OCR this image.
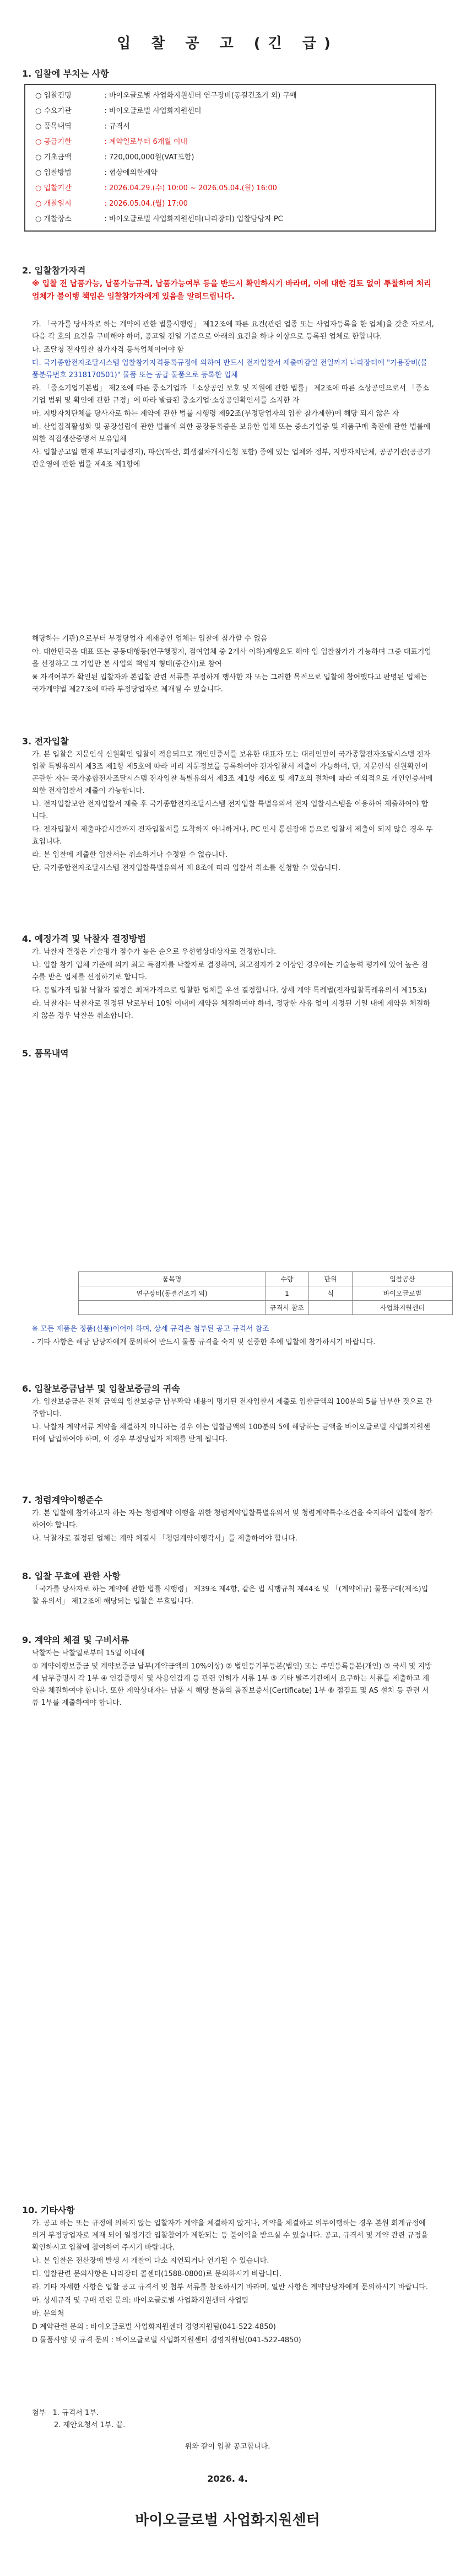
입 찰 공 고 (긴 급)
1. 입찰에 부치는 사항
○ 입찰건명	: 바이오글로벌 사업화지원센터 연구장비(동결건조기 외) 구매
○ 수요기관	: 바이오글로벌 사업화지원센터
○ 품목내역	: 규격서
○ 공급기한	: 계약일로부터 6개월 이내
○ 기초금액	: 720,000,000원(VAT포함)
○ 입찰방법	: 협상에의한계약
○ 입찰기간	: 2026.04.29.(수) 10:00 ~ 2026.05.04.(월) 16:00
○ 개찰일시	: 2026.05.04.(월) 17:00
○ 개찰장소	: 바이오글로벌 사업화지원센터(나라장터) 입찰담당자 PC
2. 입찰참가자격
※ 입찰 전 납품가능, 납품가능규격, 납품가능여부 등을 반드시 확인하시기 바라며, 이에 대한 검토 없이 투찰하여 처리업체가 불이행 책임은 입찰참가자에게 있음을 알려드립니다.

가. 「국가를 당사자로 하는 계약에 관한 법률시행령」 제12조에 따른 요건(관련 업종 또는 사업자등록을 한 업체)을 갖춘 자로서, 다음 각 호의 요건을 구비해야 하며, 공고일 전일 기준으로 아래의 요건을 하나 이상으로 등록된 업체로 한합니다.

나. 조달청 전자입찰 참가자격 등록업체이어야 함

다. 국가종합전자조달시스템 입찰참가자격등록규정에 의하여 반드시 전자입찰서 제출마감일 전일까지 나라장터에 "기용장비(물품분류번호 2318170501)" 물품 또는 공급 물품으로 등록한 업체

라. 「중소기업기본법」 제2조에 따른 중소기업과 「소상공인 보호 및 지원에 관한 법률」 제2조에 따른 소상공인으로서 「중소기업 범위 및 확인에 관한 규정」에 따라 발급된 중소기업·소상공인확인서를 소지한 자

마. 지방자치단체를 당사자로 하는 계약에 관한 법률 시행령 제92조(부정당업자의 입찰 참가제한)에 해당 되지 않은 자

바. 산업집적활성화 및 공장설립에 관한 법률에 의한 공장등록증을 보유한 업체 또는 중소기업중 및 제품구매 촉진에 관한 법률에 의한 직접생산증명서 보유업체

사. 입찰공고일 현재 부도(지급정지), 파산(파산, 회생절차개시신청 포함) 중에 있는 업체와 정부, 지방자치단체, 공공기관(공공기관운영에 관한 법률 제4조 제1항에

해당하는 기관)으로부터 부정당업자 제재중인 업체는 입찰에 참가할 수 없음

아. 대한민국을 대표 또는 공동대행등(연구행정지, 점여업체 중 2개사 이하)계행요도 해야 입 입찰참가가 가능하며 그중 대표기업을 선정하고 그 기업만 본 사업의 책임자 형태(중간사)로 참여

※ 자격여부가 확인된 입찰자와 본입찰 관련 서류를 부정하게 행사한 자 또는 그러한 목적으로 입찰에 참여했다고 판명된 업체는 국가계약법 제27조에 따라 부정당업자로 제재될 수 있습니다.

3. 전자입찰

가. 본 입찰은 지문인식 신원확인 입찰이 적용되므로 개인인증서를 보유한 대표자 또는 대리인만이 국가종합전자조달시스템 전자입찰 특별유의서 제3조 제1항 제5호에 따라 미리 지문정보를 등록하여야 전자입찰서 제출이 가능하며, 단, 지문인식 신원확인이 곤란한 자는 국가종합전자조달시스템 전자입찰 특별유의서 제3조 제1항 제6호 및 제7호의 절차에 따라 예외적으로 개인인증서에 의한 전자입찰서 제출이 가능합니다.

나. 전자입찰보안 전자입찰서 제출 후 국가종합전자조달시스템 전자입찰 특별유의서 전자 입찰시스템을 이용하여 제출하여야 합니다.

다. 전자입찰서 제출마감시간까지 전자입찰서를 도착하지 아니하거나, PC 인시 통신장애 등으로 입찰서 제출이 되지 않은 경우 무효입니다.

라. 본 입찰에 제출한 입찰서는 취소하거나 수정할 수 없습니다.

단, 국가종합전자조달시스템 전자입찰특별유의서 제 8조에 따라 입찰서 취소를 신청할 수 있습니다.

4. 예정가격 및 낙찰자 결정방법

가. 낙찰자 결정은 기술평가 점수가 높은 순으로 우선협상대상자로 결정합니다.

나. 입찰 참가 업체 기준에 의거 최고 득점자를 낙찰자로 결정하며, 최고점자가 2 이상인 경우에는 기술능력 평가에 있어 높은 점수를 받은 업체를 선정하기로 합니다.

다. 동일가격 입찰 낙찰자 결정은 최저가격으로 입찰한 업체를 우선 결정합니다. 상세 계약 특례법(전자입찰특례유의서 제15조)

라. 낙찰자는 낙찰자로 결정된 날로부터 10일 이내에 계약을 체결하여야 하며, 정당한 사유 없이 지정된 기일 내에 계약을 체결하지 않을 경우 낙찰을 취소합니다.

5. 품목내역
품목명	수량	단위	입찰공산
연구장비(동결건조기 외)	1	식	바이오글로벌
	규격서 참조		사업화지원센터

※ 모든 제품은 정품(신품)이어야 하며, 상세 규격은 첨부된 공고 규격서 참조

- 기타 사항은 해당 담당자에게 문의하여 반드시 물품 규격을 숙지 및 신중한 후에 입찰에 참가하시기 바랍니다.

6. 입찰보증금납부 및 입찰보증금의 귀속

가. 입찰보증금은 전체 금액의 입찰보증금 납부확약 내용이 명기된 전자입찰서 제출로 입찰금액의 100분의 5를 납부한 것으로 간주합니다.

나. 낙찰자 계약서류 계약을 체결하지 아니하는 경우 이는 입찰금액의 100분의 5에 해당하는 금액을 바이오글로벌 사업화지원센터에 납입하여야 하며, 이 경우 부정당업자 제재를 받게 됩니다.

7. 청렴계약이행준수

가. 본 입찰에 참가하고자 하는 자는 청렴계약 이행을 위한 청렴계약입찰특별유의서 및 청렴계약특수조건을 숙지하여 입찰에 참가하여야 합니다.

나. 낙찰자로 결정된 업체는 계약 체결시 「청렴계약이행각서」를 제출하여야 합니다.

8. 입찰 무효에 관한 사항

「국가를 당사자로 하는 계약에 관한 법률 시행령」 제39조 제4항, 같은 법 시행규칙 제44조 및 「(계약예규) 물품구매(제조)입찰 유의서」 제12조에 해당되는 입찰은 무효입니다.

9. 계약의 체결 및 구비서류

낙찰자는 낙찰일로부터 15일 이내에

① 계약이행보증금 및 계약보증금 납부(계약금액의 10%이상) ② 법인등기부등본(법인) 또는 주민등록등본(개인) ③ 국세 및 지방세 납부증명서 각 1부 ④ 인감증명서 및 사용인감계 등 관련 인허가 서류 1부 ⑤ 기타 발주기관에서 요구하는 서류를 제출하고 계약을 체결하여야 합니다. 또한 계약상대자는 납품 시 해당 물품의 품질보증서(Certificate) 1부 ⑥ 점검표 및 AS 설치 등 관련 서류 1부를 제출하여야 합니다.

10. 기타사항

가. 공고 하는 또는 규정에 의하지 않는 입찰자가 계약을 체결하지 않거나, 계약을 체결하고 의무이행하는 경우 본원 회계규정에 의거 부정당업자로 제재 되어 일정기간 입찰참여가 제한되는 등 불이익을 받으실 수 있습니다. 공고, 규격서 및 계약 관련 규정을 확인하시고 입찰에 참여하여 주시기 바랍니다.

나. 본 입찰은 전산장애 발생 시 개찰이 다소 지연되거나 연기될 수 있습니다.

다. 입찰관련 문의사항은 나라장터 콜센터(1588-0800)로 문의하시기 바랍니다.

라. 기타 자세한 사항은 입찰 공고 규격서 및 첨부 서류를 참조하시기 바라며, 일반 사항은 계약담당자에게 문의하시기 바랍니다.

마. 상세규격 및 구매 관련 문의: 바이오글로벌 사업화지원센터 사업팀

바. 문의처

D 계약관련 문의 : 바이오글로벌 사업화지원센터 경영지원팀(041-522-4850)

D 물품사양 및 규격 문의 : 바이오글로벌 사업화지원센터 경영지원팀(041-522-4850)

첨부 1. 규격서 1부.
2. 제안요청서 1부. 끝.
위와 같이 입찰 공고합니다.
2026. 4.
바이오글로벌 사업화지원센터
